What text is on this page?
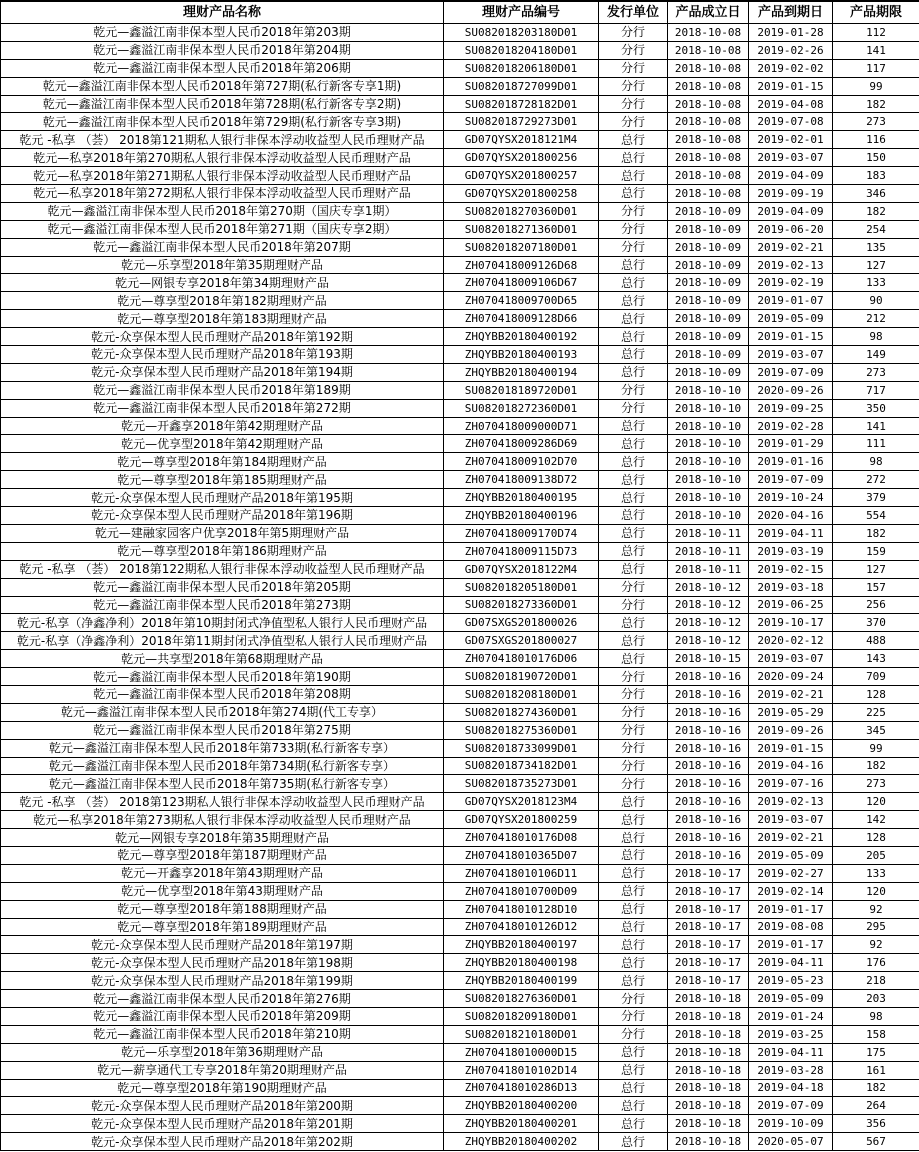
理财产品名称	理财产品编号	发行单位	产品成立日	产品到期日	产品期限
乾元—鑫溢江南非保本型人民币2018年第203期	SU082018203180D01	分行	2018-10-08	2019-01-28	112
乾元—鑫溢江南非保本型人民币2018年第204期	SU082018204180D01	分行	2018-10-08	2019-02-26	141
乾元—鑫溢江南非保本型人民币2018年第206期	SU082018206180D01	分行	2018-10-08	2019-02-02	117
乾元—鑫溢江南非保本型人民币2018年第727期(私行新客专享1期)	SU082018727099D01	分行	2018-10-08	2019-01-15	99
乾元—鑫溢江南非保本型人民币2018年第728期(私行新客专享2期)	SU082018728182D01	分行	2018-10-08	2019-04-08	182
乾元—鑫溢江南非保本型人民币2018年第729期(私行新客专享3期)	SU082018729273D01	分行	2018-10-08	2019-07-08	273
乾元 -私享 （荟） 2018第121期私人银行非保本浮动收益型人民币理财产品	GD07QYSX2018121M4	总行	2018-10-08	2019-02-01	116
乾元—私享2018年第270期私人银行非保本浮动收益型人民币理财产品	GD07QYSX201800256	总行	2018-10-08	2019-03-07	150
乾元—私享2018年第271期私人银行非保本浮动收益型人民币理财产品	GD07QYSX201800257	总行	2018-10-08	2019-04-09	183
乾元—私享2018年第272期私人银行非保本浮动收益型人民币理财产品	GD07QYSX201800258	总行	2018-10-08	2019-09-19	346
乾元—鑫溢江南非保本型人民币2018年第270期（国庆专享1期）	SU082018270360D01	分行	2018-10-09	2019-04-09	182
乾元—鑫溢江南非保本型人民币2018年第271期（国庆专享2期）	SU082018271360D01	分行	2018-10-09	2019-06-20	254
乾元—鑫溢江南非保本型人民币2018年第207期	SU082018207180D01	分行	2018-10-09	2019-02-21	135
乾元—乐享型2018年第35期理财产品	ZH070418009126D68	总行	2018-10-09	2019-02-13	127
乾元—网银专享2018年第34期理财产品	ZH070418009106D67	总行	2018-10-09	2019-02-19	133
乾元—尊享型2018年第182期理财产品	ZH070418009700D65	总行	2018-10-09	2019-01-07	90
乾元—尊享型2018年第183期理财产品	ZH070418009128D66	总行	2018-10-09	2019-05-09	212
乾元-众享保本型人民币理财产品2018年第192期	ZHQYBB20180400192	总行	2018-10-09	2019-01-15	98
乾元-众享保本型人民币理财产品2018年第193期	ZHQYBB20180400193	总行	2018-10-09	2019-03-07	149
乾元-众享保本型人民币理财产品2018年第194期	ZHQYBB20180400194	总行	2018-10-09	2019-07-09	273
乾元—鑫溢江南非保本型人民币2018年第189期	SU082018189720D01	分行	2018-10-10	2020-09-26	717
乾元—鑫溢江南非保本型人民币2018年第272期	SU082018272360D01	分行	2018-10-10	2019-09-25	350
乾元—开鑫享2018年第42期理财产品	ZH070418009000D71	总行	2018-10-10	2019-02-28	141
乾元—优享型2018年第42期理财产品	ZH070418009286D69	总行	2018-10-10	2019-01-29	111
乾元—尊享型2018年第184期理财产品	ZH070418009102D70	总行	2018-10-10	2019-01-16	98
乾元—尊享型2018年第185期理财产品	ZH070418009138D72	总行	2018-10-10	2019-07-09	272
乾元-众享保本型人民币理财产品2018年第195期	ZHQYBB20180400195	总行	2018-10-10	2019-10-24	379
乾元-众享保本型人民币理财产品2018年第196期	ZHQYBB20180400196	总行	2018-10-10	2020-04-16	554
乾元—建融家园客户优享2018年第5期理财产品	ZH070418009170D74	总行	2018-10-11	2019-04-11	182
乾元—尊享型2018年第186期理财产品	ZH070418009115D73	总行	2018-10-11	2019-03-19	159
乾元 -私享 （荟） 2018第122期私人银行非保本浮动收益型人民币理财产品	GD07QYSX2018122M4	总行	2018-10-11	2019-02-15	127
乾元—鑫溢江南非保本型人民币2018年第205期	SU082018205180D01	分行	2018-10-12	2019-03-18	157
乾元—鑫溢江南非保本型人民币2018年第273期	SU082018273360D01	分行	2018-10-12	2019-06-25	256
乾元-私享（净鑫净利）2018年第10期封闭式净值型私人银行人民币理财产品	GD07SXGS201800026	总行	2018-10-12	2019-10-17	370
乾元-私享（净鑫净利）2018年第11期封闭式净值型私人银行人民币理财产品	GD07SXGS201800027	总行	2018-10-12	2020-02-12	488
乾元—共享型2018年第68期理财产品	ZH070418010176D06	总行	2018-10-15	2019-03-07	143
乾元—鑫溢江南非保本型人民币2018年第190期	SU082018190720D01	分行	2018-10-16	2020-09-24	709
乾元—鑫溢江南非保本型人民币2018年第208期	SU082018208180D01	分行	2018-10-16	2019-02-21	128
乾元—鑫溢江南非保本型人民币2018年第274期(代工专享）	SU082018274360D01	分行	2018-10-16	2019-05-29	225
乾元—鑫溢江南非保本型人民币2018年第275期	SU082018275360D01	分行	2018-10-16	2019-09-26	345
乾元—鑫溢江南非保本型人民币2018年第733期(私行新客专享）	SU082018733099D01	分行	2018-10-16	2019-01-15	99
乾元—鑫溢江南非保本型人民币2018年第734期(私行新客专享）	SU082018734182D01	分行	2018-10-16	2019-04-16	182
乾元—鑫溢江南非保本型人民币2018年第735期(私行新客专享）	SU082018735273D01	分行	2018-10-16	2019-07-16	273
乾元 -私享 （荟） 2018第123期私人银行非保本浮动收益型人民币理财产品	GD07QYSX2018123M4	总行	2018-10-16	2019-02-13	120
乾元—私享2018年第273期私人银行非保本浮动收益型人民币理财产品	GD07QYSX201800259	总行	2018-10-16	2019-03-07	142
乾元—网银专享2018年第35期理财产品	ZH070418010176D08	总行	2018-10-16	2019-02-21	128
乾元—尊享型2018年第187期理财产品	ZH070418010365D07	总行	2018-10-16	2019-05-09	205
乾元—开鑫享2018年第43期理财产品	ZH070418010106D11	总行	2018-10-17	2019-02-27	133
乾元—优享型2018年第43期理财产品	ZH070418010700D09	总行	2018-10-17	2019-02-14	120
乾元—尊享型2018年第188期理财产品	ZH070418010128D10	总行	2018-10-17	2019-01-17	92
乾元—尊享型2018年第189期理财产品	ZH070418010126D12	总行	2018-10-17	2019-08-08	295
乾元-众享保本型人民币理财产品2018年第197期	ZHQYBB20180400197	总行	2018-10-17	2019-01-17	92
乾元-众享保本型人民币理财产品2018年第198期	ZHQYBB20180400198	总行	2018-10-17	2019-04-11	176
乾元-众享保本型人民币理财产品2018年第199期	ZHQYBB20180400199	总行	2018-10-17	2019-05-23	218
乾元—鑫溢江南非保本型人民币2018年第276期	SU082018276360D01	分行	2018-10-18	2019-05-09	203
乾元—鑫溢江南非保本型人民币2018年第209期	SU082018209180D01	分行	2018-10-18	2019-01-24	98
乾元—鑫溢江南非保本型人民币2018年第210期	SU082018210180D01	分行	2018-10-18	2019-03-25	158
乾元—乐享型2018年第36期理财产品	ZH070418010000D15	总行	2018-10-18	2019-04-11	175
乾元—薪享通代工专享2018年第20期理财产品	ZH070418010102D14	总行	2018-10-18	2019-03-28	161
乾元—尊享型2018年第190期理财产品	ZH070418010286D13	总行	2018-10-18	2019-04-18	182
乾元-众享保本型人民币理财产品2018年第200期	ZHQYBB20180400200	总行	2018-10-18	2019-07-09	264
乾元-众享保本型人民币理财产品2018年第201期	ZHQYBB20180400201	总行	2018-10-18	2019-10-09	356
乾元-众享保本型人民币理财产品2018年第202期	ZHQYBB20180400202	总行	2018-10-18	2020-05-07	567
